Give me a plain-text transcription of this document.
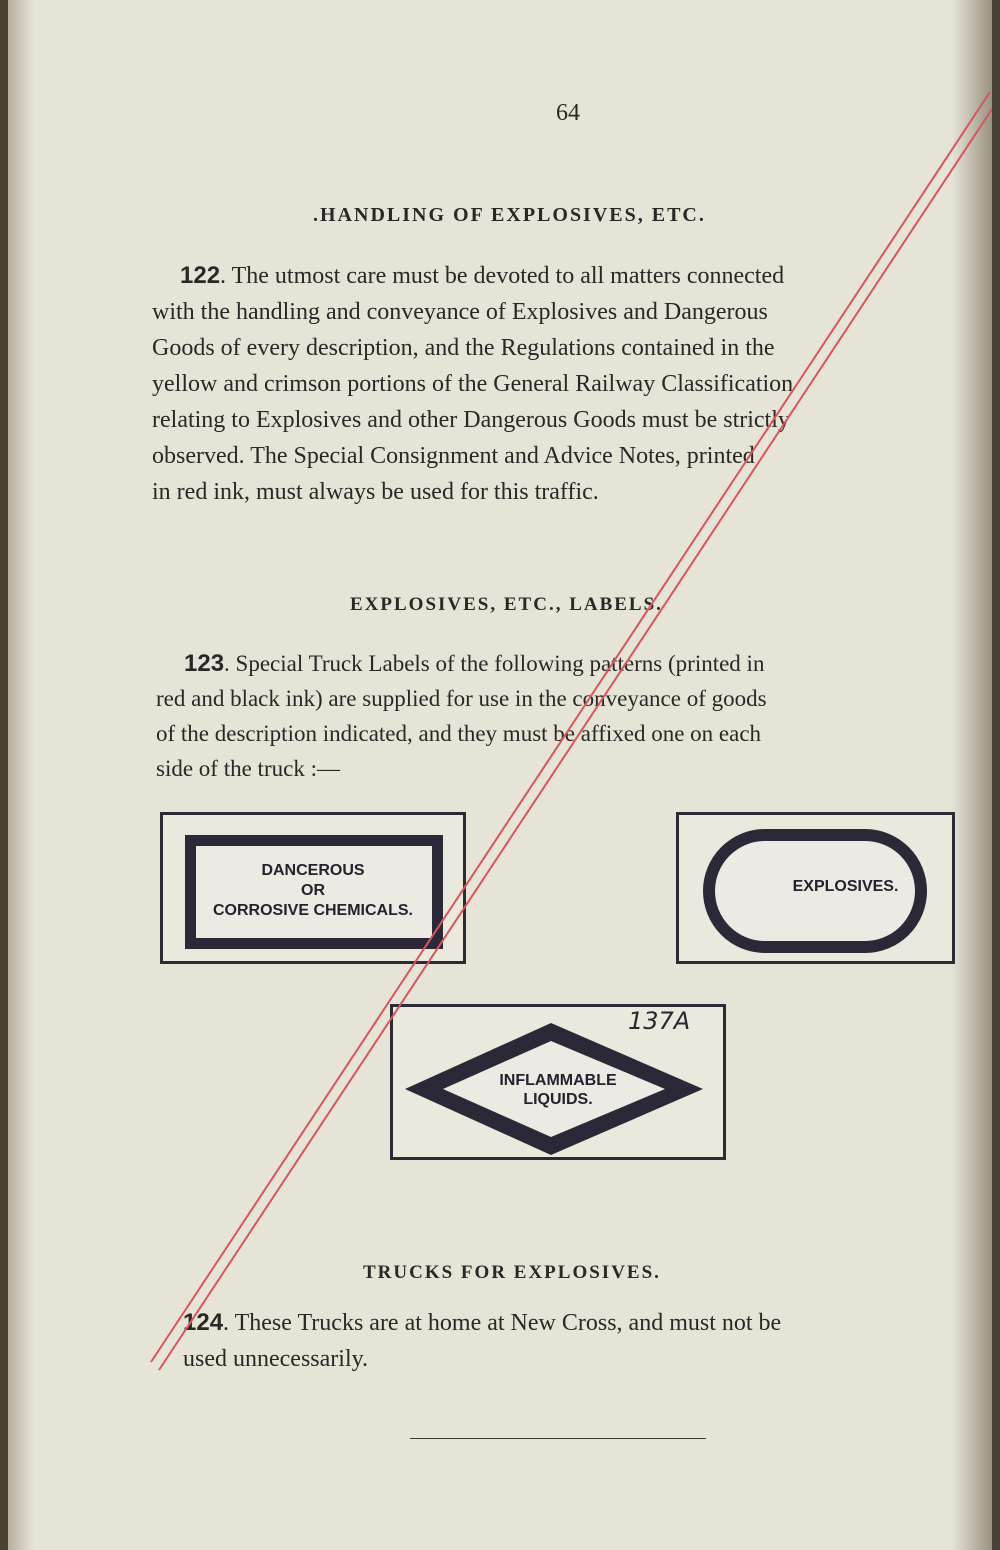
64
.HANDLING OF EXPLOSIVES, ETC.
122. The utmost care must be devoted to all matters connected
with the handling and conveyance of Explosives and Dangerous
Goods of every description, and the Regulations contained in the
yellow and crimson portions of the General Railway Classification
relating to Explosives and other Dangerous Goods must be strictly
observed. The Special Consignment and Advice Notes, printed
in red ink, must always be used for this traffic.
EXPLOSIVES, ETC., LABELS.
123. Special Truck Labels of the following patterns (printed in
red and black ink) are supplied for use in the conveyance of goods
of the description indicated, and they must be affixed one on each
side of the truck :—
DANCEROUS
OR
CORROSIVE CHEMICALS.
EXPLOSIVES.
INFLAMMABLE
LIQUIDS.
137A
TRUCKS FOR EXPLOSIVES.
124. These Trucks are at home at New Cross, and must not be
used unnecessarily.
